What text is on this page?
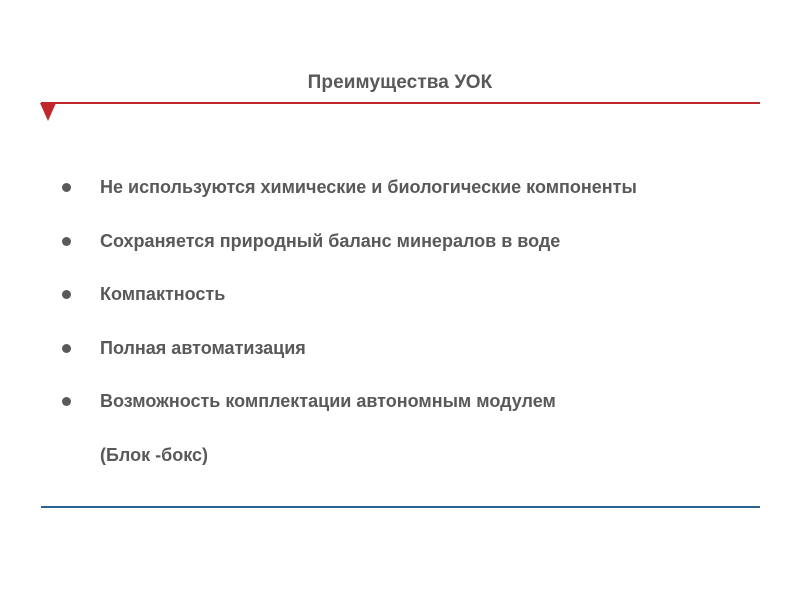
Преимущества УОК
Не используются химические и биологические компоненты
Сохраняется природный баланс минералов в воде
Компактность
Полная автоматизация
Возможность комплектации автономным модулем
(Блок -бокс)
